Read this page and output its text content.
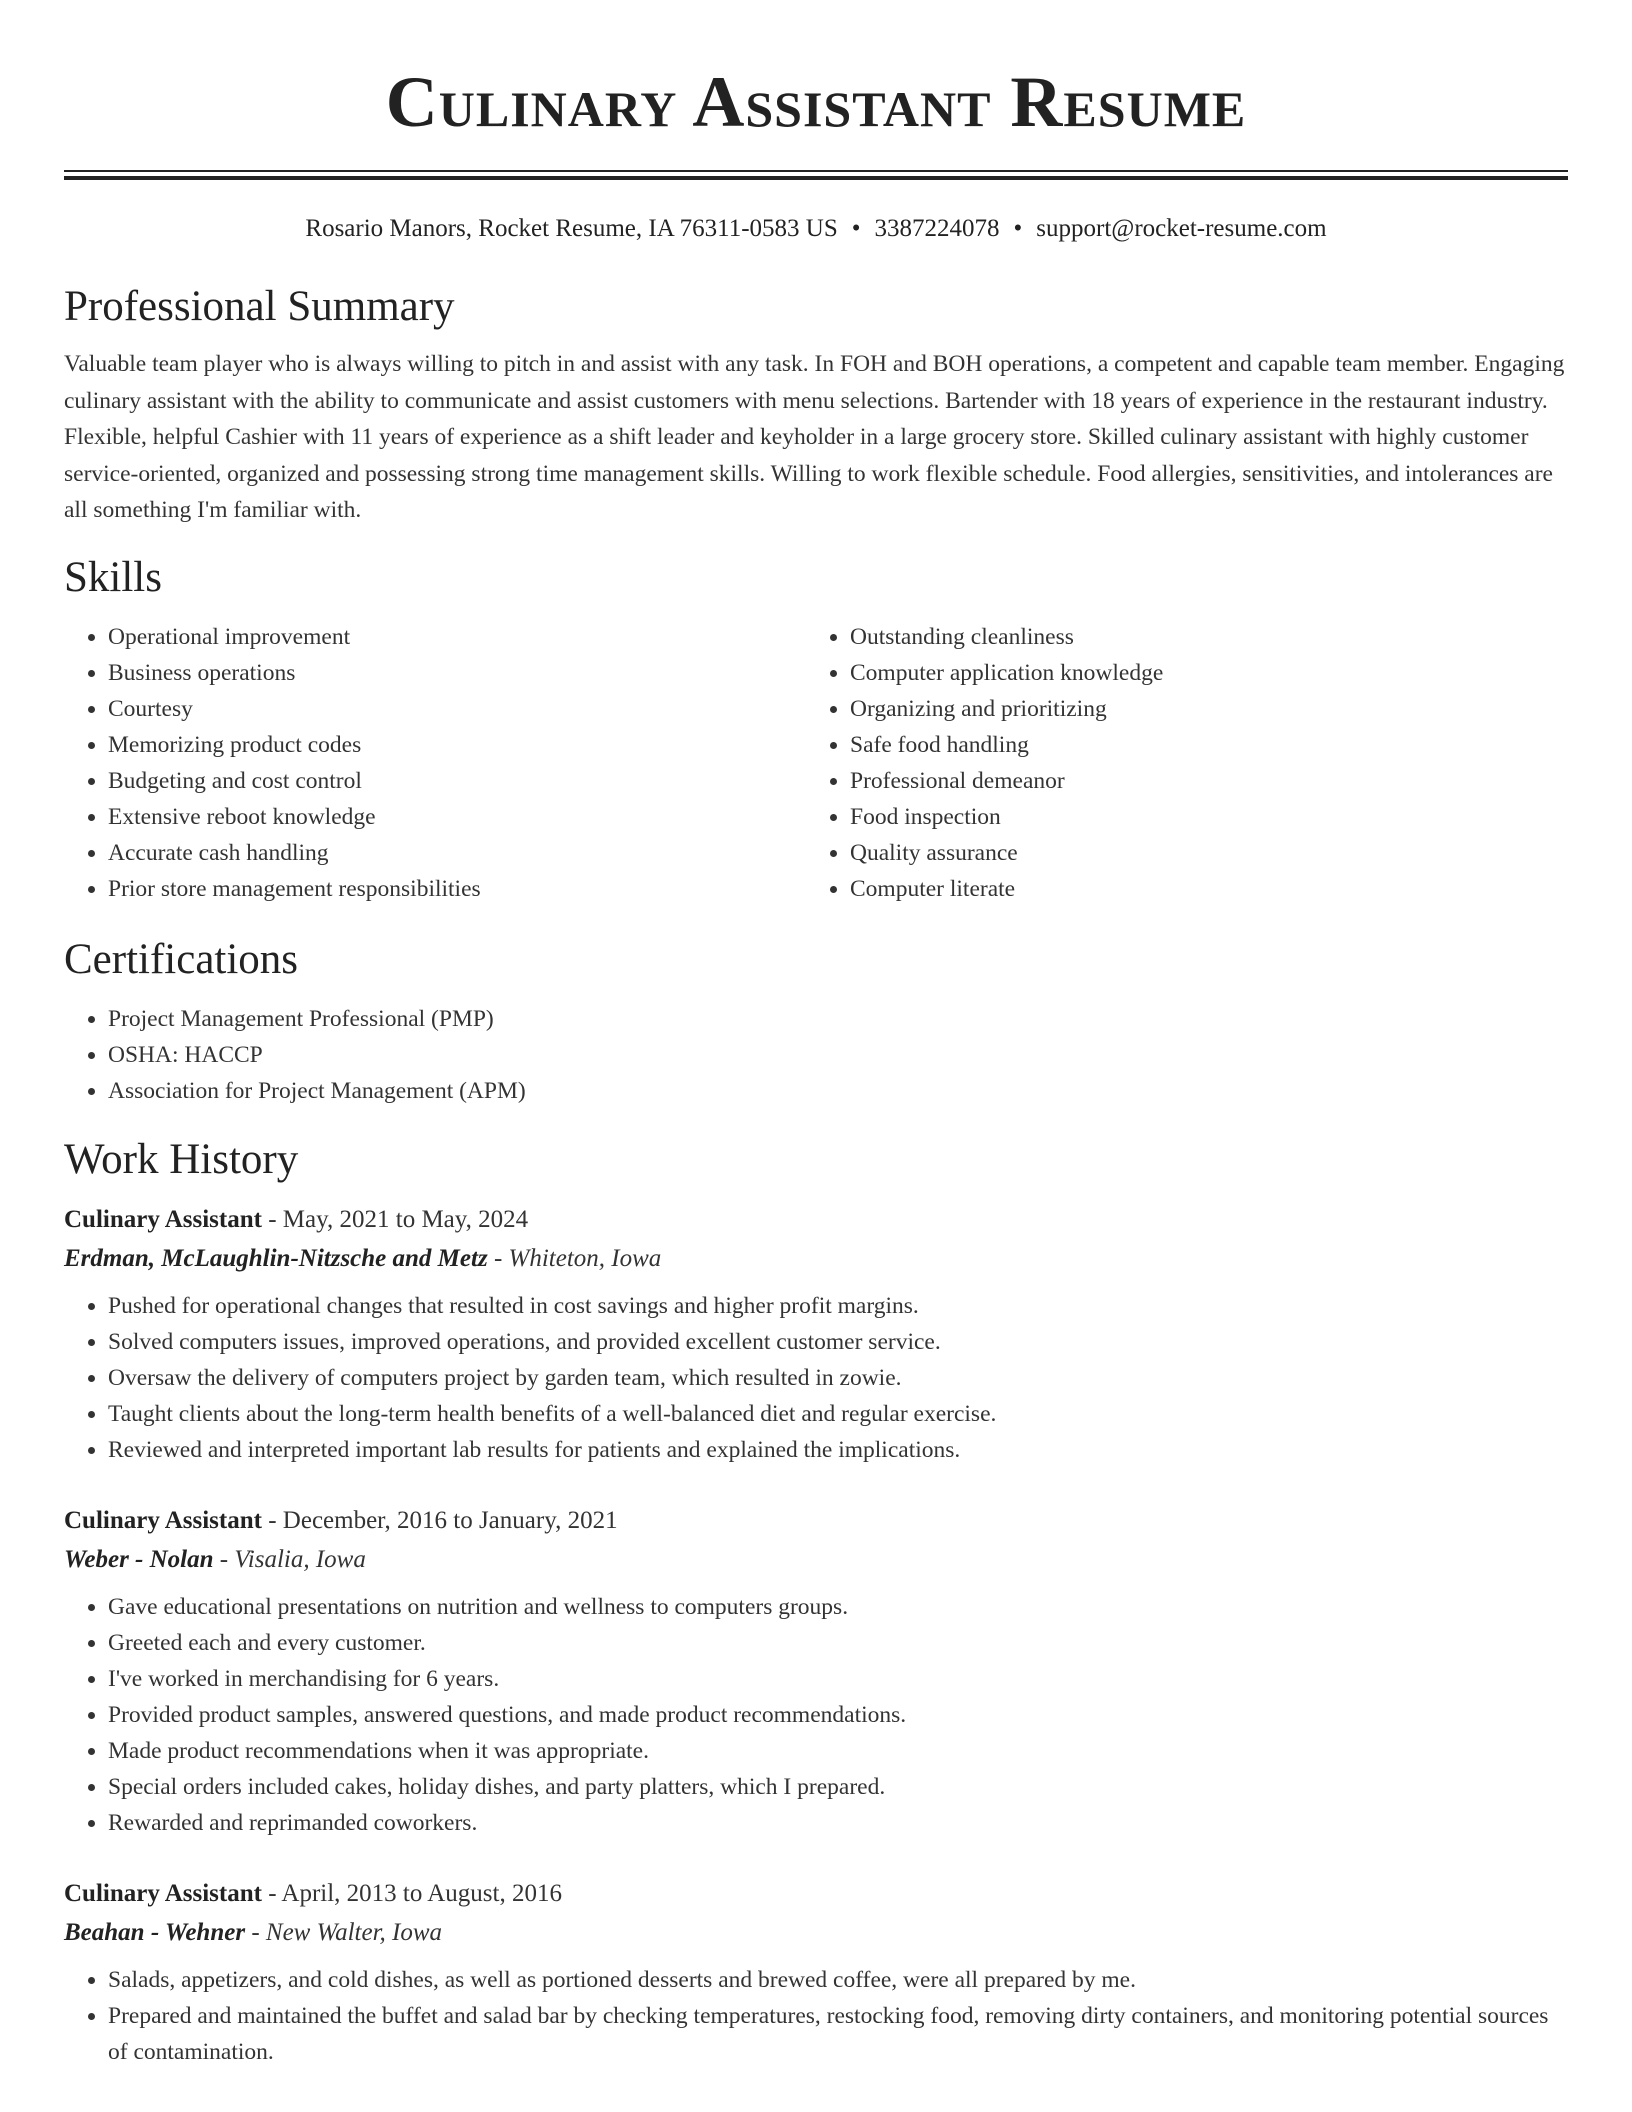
Culinary Assistant Resume
Rosario Manors, Rocket Resume, IA 76311-0583 US • 3387224078 • support@rocket-resume.com
Professional Summary

Valuable team player who is always willing to pitch in and assist with any task. In FOH and BOH operations, a competent and capable team member. Engaging culinary assistant with the ability to communicate and assist customers with menu selections. Bartender with 18 years of experience in the restaurant industry. Flexible, helpful Cashier with 11 years of experience as a shift leader and keyholder in a large grocery store. Skilled culinary assistant with highly customer service-oriented, organized and possessing strong time management skills. Willing to work flexible schedule. Food allergies, sensitivities, and intolerances are all something I'm familiar with.

Skills
• Operational improvement
• Business operations
• Courtesy
• Memorizing product codes
• Budgeting and cost control
• Extensive reboot knowledge
• Accurate cash handling
• Prior store management responsibilities
• Outstanding cleanliness
• Computer application knowledge
• Organizing and prioritizing
• Safe food handling
• Professional demeanor
• Food inspection
• Quality assurance
• Computer literate
Certifications
• Project Management Professional (PMP)
• OSHA: HACCP
• Association for Project Management (APM)
Work History
Culinary Assistant - May, 2021 to May, 2024
Erdman, McLaughlin-Nitzsche and Metz - Whiteton, Iowa
• Pushed for operational changes that resulted in cost savings and higher profit margins.
• Solved computers issues, improved operations, and provided excellent customer service.
• Oversaw the delivery of computers project by garden team, which resulted in zowie.
• Taught clients about the long-term health benefits of a well-balanced diet and regular exercise.
• Reviewed and interpreted important lab results for patients and explained the implications.
Culinary Assistant - December, 2016 to January, 2021
Weber - Nolan - Visalia, Iowa
• Gave educational presentations on nutrition and wellness to computers groups.
• Greeted each and every customer.
• I've worked in merchandising for 6 years.
• Provided product samples, answered questions, and made product recommendations.
• Made product recommendations when it was appropriate.
• Special orders included cakes, holiday dishes, and party platters, which I prepared.
• Rewarded and reprimanded coworkers.
Culinary Assistant - April, 2013 to August, 2016
Beahan - Wehner - New Walter, Iowa
• Salads, appetizers, and cold dishes, as well as portioned desserts and brewed coffee, were all prepared by me.
• Prepared and maintained the buffet and salad bar by checking temperatures, restocking food, removing dirty containers, and monitoring potential sources of contamination.
